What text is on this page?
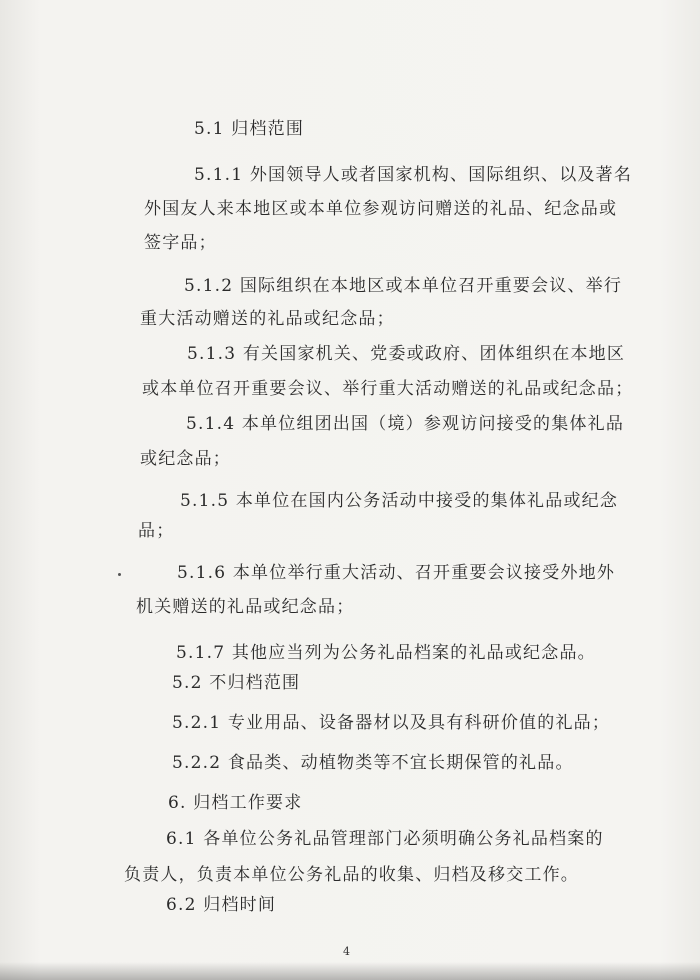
5.1 归档范围

5.1.1 外国领导人或者国家机构、国际组织、以及著名

外国友人来本地区或本单位参观访问赠送的礼品、纪念品或

签字品；

5.1.2 国际组织在本地区或本单位召开重要会议、举行

重大活动赠送的礼品或纪念品；

5.1.3 有关国家机关、党委或政府、团体组织在本地区

或本单位召开重要会议、举行重大活动赠送的礼品或纪念品；

5.1.4 本单位组团出国（境）参观访问接受的集体礼品

或纪念品；

5.1.5 本单位在国内公务活动中接受的集体礼品或纪念

品；

5.1.6 本单位举行重大活动、召开重要会议接受外地外

机关赠送的礼品或纪念品；

5.1.7 其他应当列为公务礼品档案的礼品或纪念品。

5.2 不归档范围

5.2.1 专业用品、设备器材以及具有科研价值的礼品；

5.2.2 食品类、动植物类等不宜长期保管的礼品。

6. 归档工作要求

6.1 各单位公务礼品管理部门必须明确公务礼品档案的

负责人，负责本单位公务礼品的收集、归档及移交工作。

6.2 归档时间

4
